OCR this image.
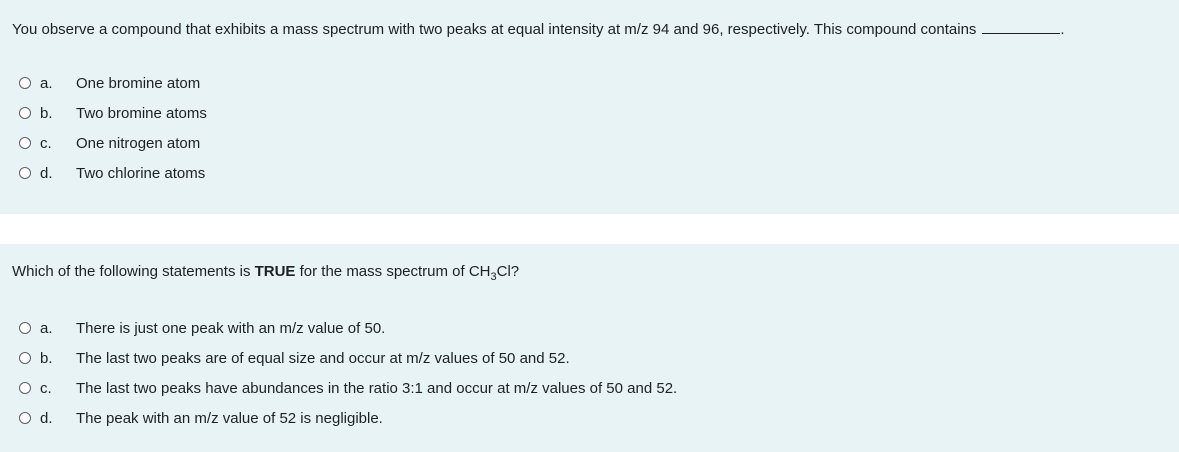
You observe a compound that exhibits a mass spectrum with two peaks at equal intensity at m/z 94 and 96, respectively. This compound contains	.
a.	One bromine atom
b.	Two bromine atoms
c.	One nitrogen atom
d.	Two chlorine atoms
Which of the following statements is TRUE for the mass spectrum of $CH_3Cl$?
a.	There is just one peak with an m/z value of 50.
b.	The last two peaks are of equal size and occur at m/z values of 50 and 52.
c.	The last two peaks have abundances in the ratio 3:1 and occur at m/z values of 50 and 52.
d.	The peak with an m/z value of 52 is negligible.
